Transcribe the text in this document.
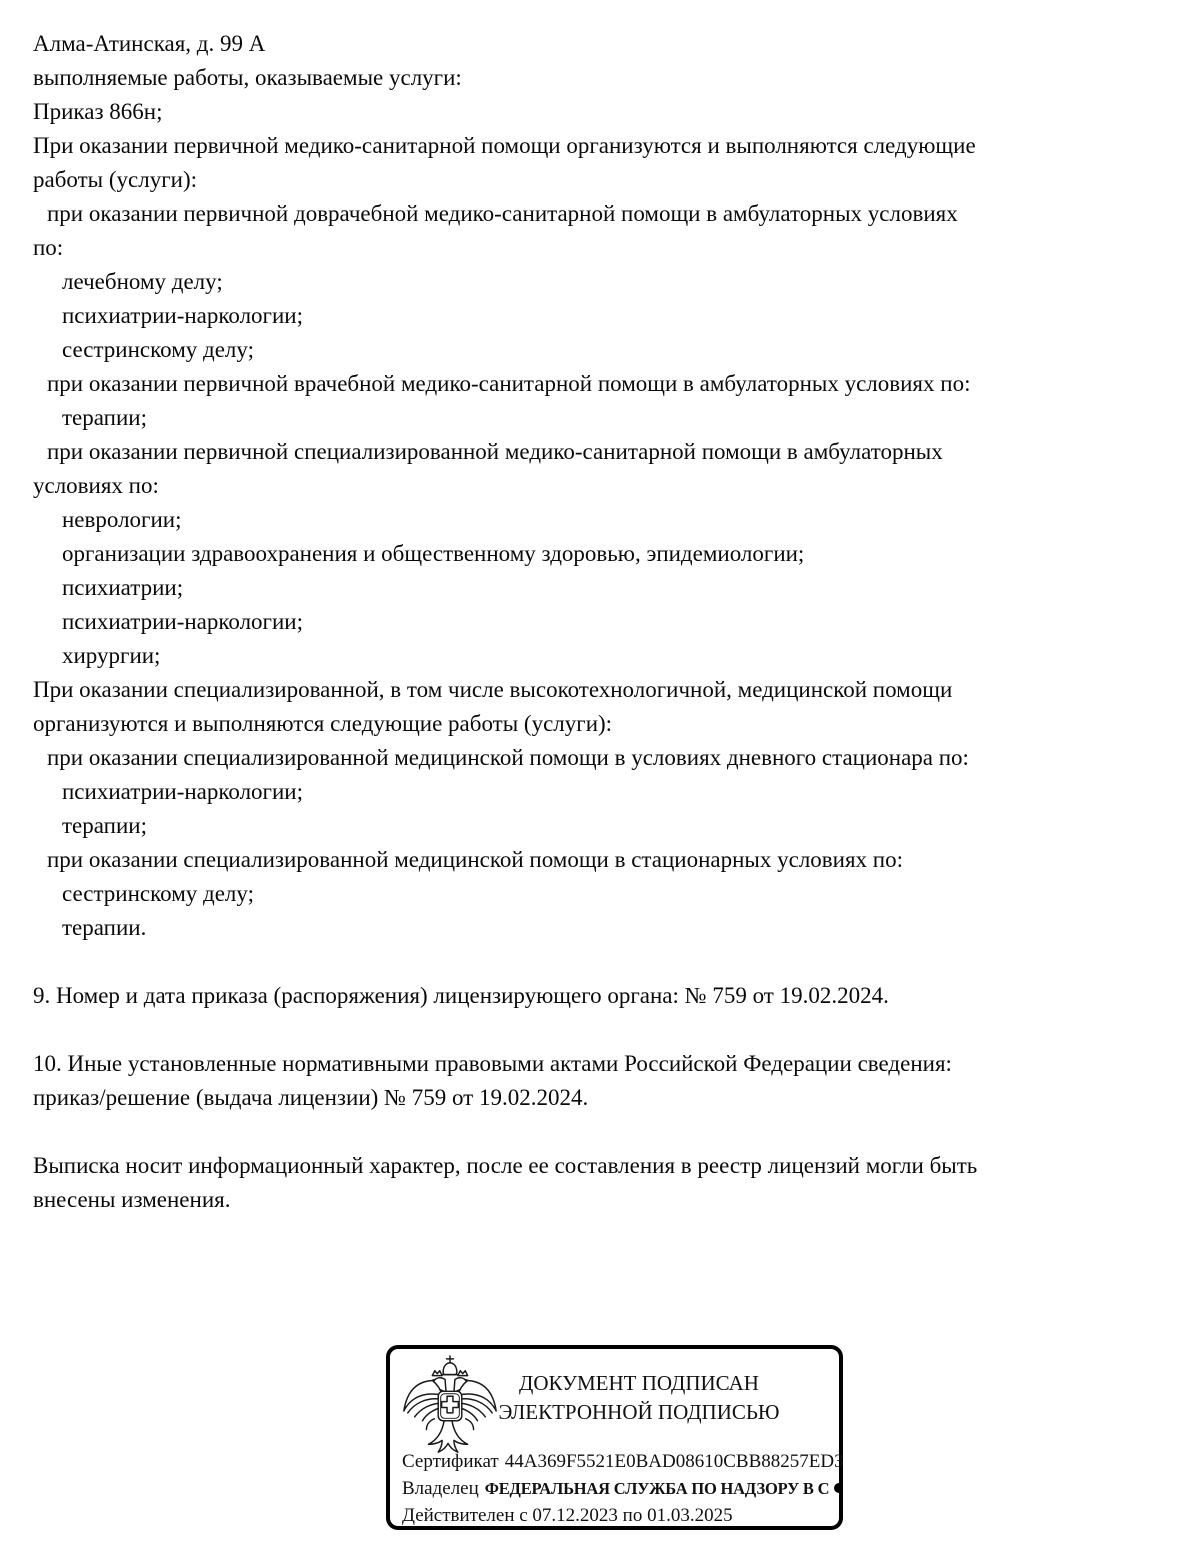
Алма-Атинская, д. 99 А
выполняемые работы, оказываемые услуги:
Приказ 866н;
При оказании первичной медико-санитарной помощи организуются и выполняются следующие
работы (услуги):
при оказании первичной доврачебной медико-санитарной помощи в амбулаторных условиях
по:
лечебному делу;
психиатрии-наркологии;
сестринскому делу;
при оказании первичной врачебной медико-санитарной помощи в амбулаторных условиях по:
терапии;
при оказании первичной специализированной медико-санитарной помощи в амбулаторных
условиях по:
неврологии;
организации здравоохранения и общественному здоровью, эпидемиологии;
психиатрии;
психиатрии-наркологии;
хирургии;
При оказании специализированной, в том числе высокотехнологичной, медицинской помощи
организуются и выполняются следующие работы (услуги):
при оказании специализированной медицинской помощи в условиях дневного стационара по:
психиатрии-наркологии;
терапии;
при оказании специализированной медицинской помощи в стационарных условиях по:
сестринскому делу;
терапии.
9. Номер и дата приказа (распоряжения) лицензирующего органа: № 759 от 19.02.2024.
10. Иные установленные нормативными правовыми актами Российской Федерации сведения:
приказ/решение (выдача лицензии) № 759 от 19.02.2024.
Выписка носит информационный характер, после ее составления в реестр лицензий могли быть
внесены изменения.
ДОКУМЕНТ ПОДПИСАН
ЭЛЕКТРОННОЙ ПОДПИСЬЮ
Сертификат 44A369F5521E0BAD08610CBB88257ED3
Владелец ФЕДЕРАЛЬНАЯ СЛУЖБА ПО НАДЗОРУ В С
Действителен с 07.12.2023 по 01.03.2025
